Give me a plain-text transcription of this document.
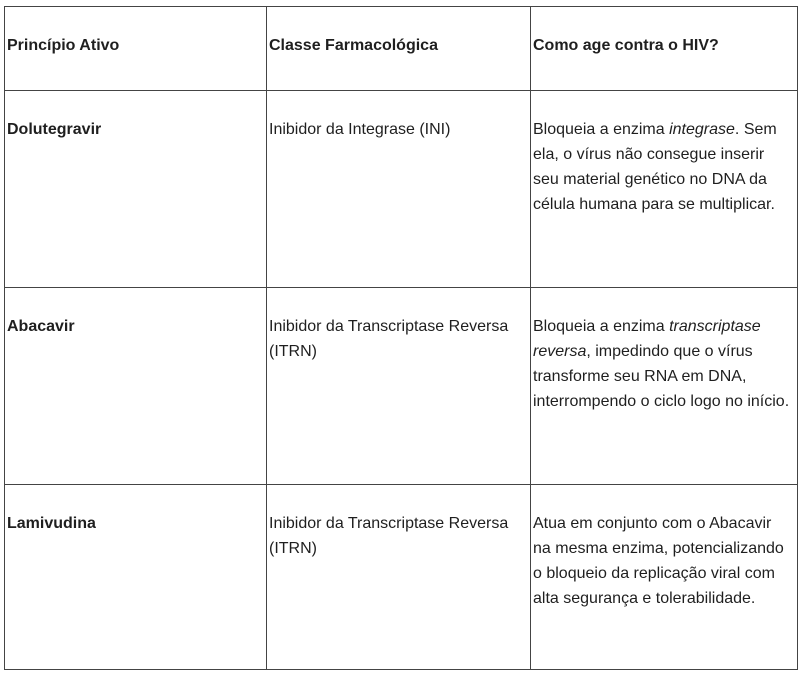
Princípio Ativo	Classe Farmacológica	Como age contra o HIV?
Dolutegravir	Inibidor da Integrase (INI)	Bloqueia a enzima integrase. Sem ela, o vírus não consegue inserir seu material genético no DNA da célula humana para se multiplicar.
Abacavir	Inibidor da Transcriptase Reversa (ITRN)	Bloqueia a enzima transcriptase reversa, impedindo que o vírus transforme seu RNA em DNA, interrompendo o ciclo logo no início.
Lamivudina	Inibidor da Transcriptase Reversa (ITRN)	Atua em conjunto com o Abacavir na mesma enzima, potencializando o bloqueio da replicação viral com alta segurança e tolerabilidade.
